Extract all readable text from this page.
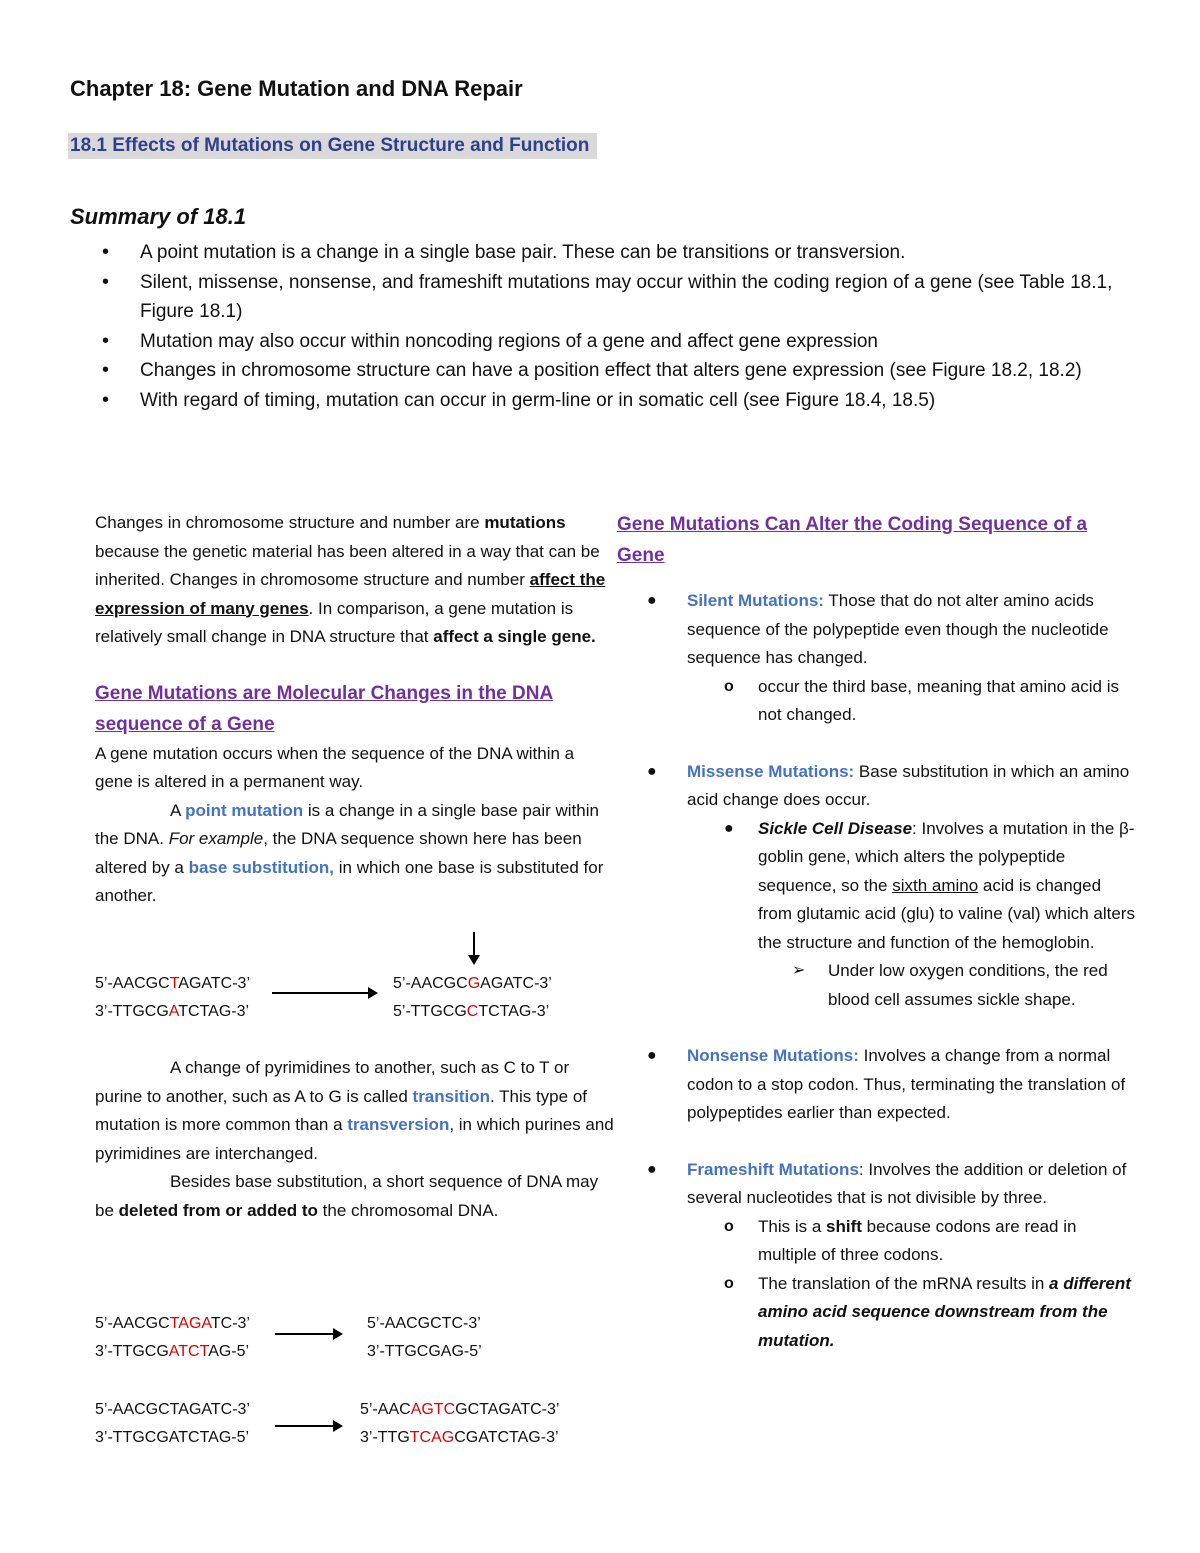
Chapter 18: Gene Mutation and DNA Repair
18.1 Effects of Mutations on Gene Structure and Function
Summary of 18.1
• A point mutation is a change in a single base pair. These can be transitions or transversion.
• Silent, missense, nonsense, and frameshift mutations may occur within the coding region of a gene (see Table 18.1, Figure 18.1)
• Mutation may also occur within noncoding regions of a gene and affect gene expression
• Changes in chromosome structure can have a position effect that alters gene expression (see Figure 18.2, 18.2)
• With regard of timing, mutation can occur in germ-line or in somatic cell (see Figure 18.4, 18.5)
Changes in chromosome structure and number are mutations because the genetic material has been altered in a way that can be inherited. Changes in chromosome structure and number affect the expression of many genes. In comparison, a gene mutation is relatively small change in DNA structure that affect a single gene.
Gene Mutations are Molecular Changes in the DNA sequence of a Gene
A gene mutation occurs when the sequence of the DNA within a gene is altered in a permanent way.
A point mutation is a change in a single base pair within the DNA. For example, the DNA sequence shown here has been altered by a base substitution, in which one base is substituted for another.
5’-AACGCTAGATC-3’
3’-TTGCGATCTAG-3’
5’-AACGCGAGATC-3’
5’-TTGCGCTCTAG-3’
A change of pyrimidines to another, such as C to T or purine to another, such as A to G is called transition. This type of mutation is more common than a transversion, in which purines and pyrimidines are interchanged.
Besides base substitution, a short sequence of DNA may be deleted from or added to the chromosomal DNA.
5’-AACGCTAGATC-3’
3’-TTGCGATCTAG-5’
5’-AACGCTC-3’
3’-TTGCGAG-5’
5’-AACGCTAGATC-3’
3’-TTGCGATCTAG-5’
5’-AACAGTCGCTAGATC-3’
3’-TTGTCAGCGATCTAG-3’
Gene Mutations Can Alter the Coding Sequence of a Gene
● Silent Mutations: Those that do not alter amino acids sequence of the polypeptide even though the nucleotide sequence has changed.
o occur the third base, meaning that amino acid is not changed.
● Missense Mutations: Base substitution in which an amino acid change does occur.
● Sickle Cell Disease: Involves a mutation in the β-goblin gene, which alters the polypeptide sequence, so the sixth amino acid is changed from glutamic acid (glu) to valine (val) which alters the structure and function of the hemoglobin.
➢ Under low oxygen conditions, the red blood cell assumes sickle shape.
● Nonsense Mutations: Involves a change from a normal codon to a stop codon. Thus, terminating the translation of polypeptides earlier than expected.
● Frameshift Mutations: Involves the addition or deletion of several nucleotides that is not divisible by three.
o This is a shift because codons are read in multiple of three codons.
o The translation of the mRNA results in a different amino acid sequence downstream from the mutation.
